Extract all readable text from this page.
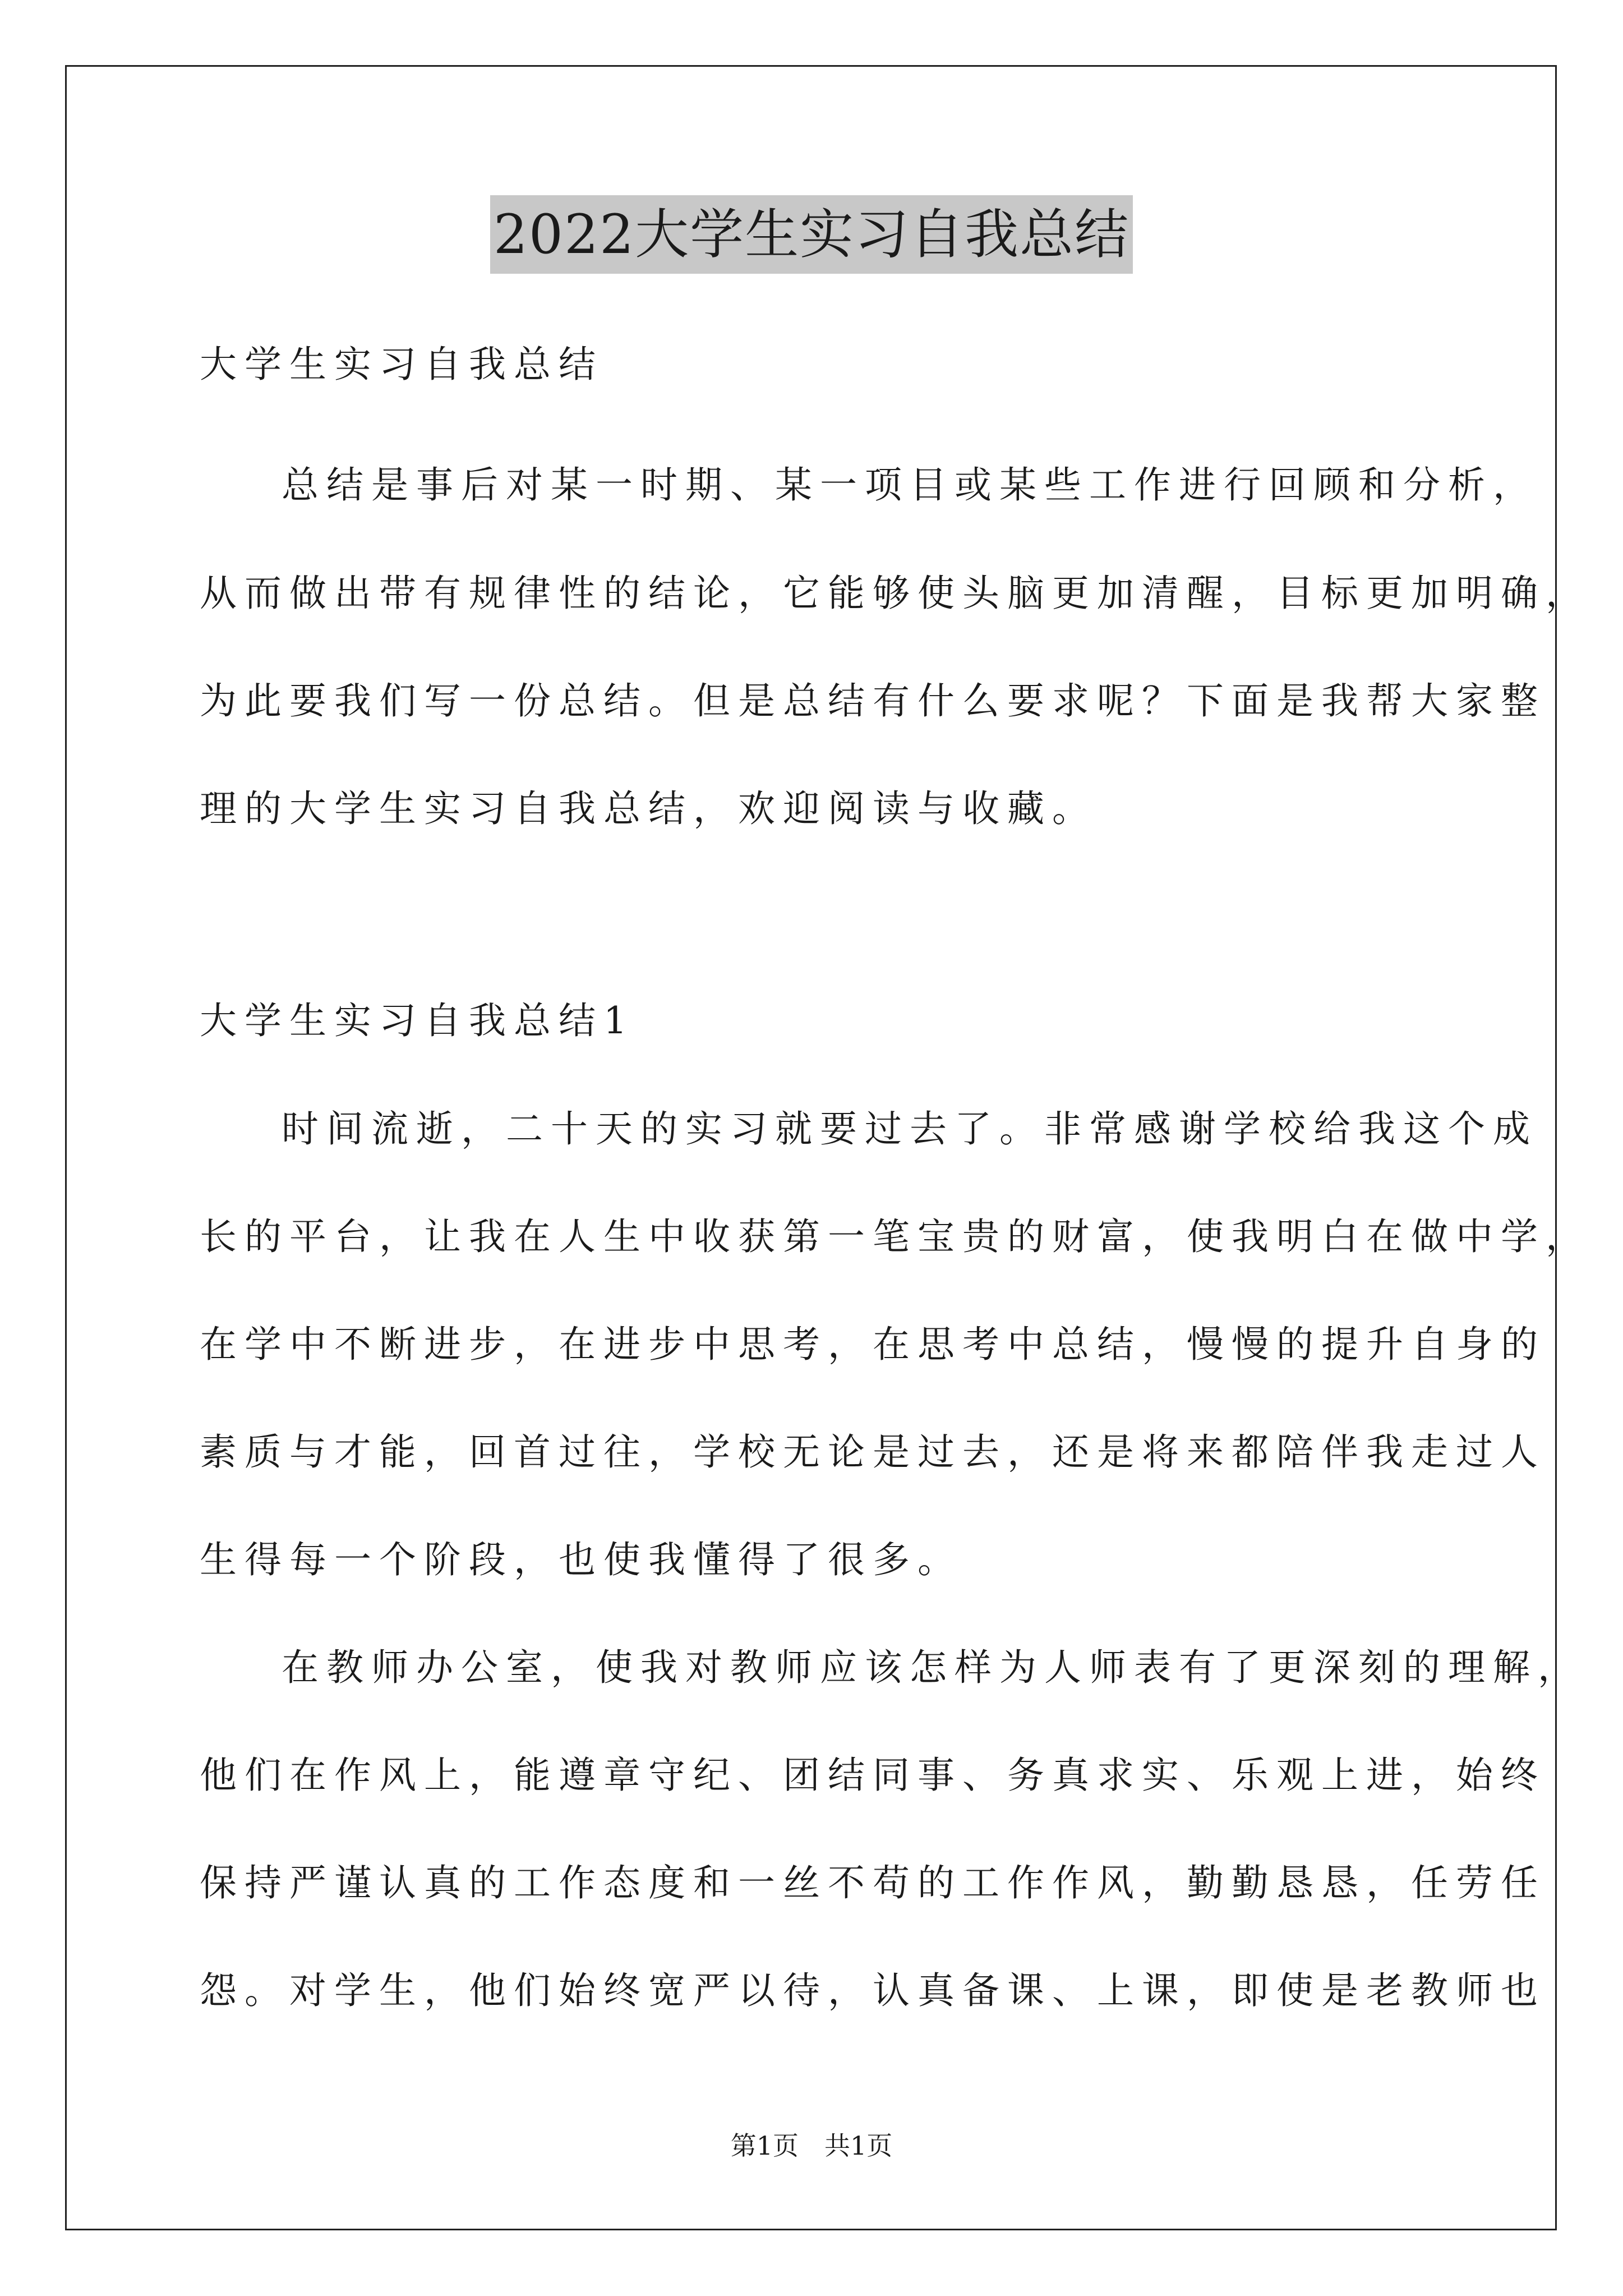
2022大学生实习自我总结
大学生实习自我总结
总结是事后对某一时期、某一项目或某些工作进行回顾和分析，
从而做出带有规律性的结论，它能够使头脑更加清醒，目标更加明确，
为此要我们写一份总结。但是总结有什么要求呢？下面是我帮大家整
理的大学生实习自我总结，欢迎阅读与收藏。
大学生实习自我总结1
时间流逝，二十天的实习就要过去了。非常感谢学校给我这个成
长的平台，让我在人生中收获第一笔宝贵的财富，使我明白在做中学，
在学中不断进步，在进步中思考，在思考中总结，慢慢的提升自身的
素质与才能，回首过往，学校无论是过去，还是将来都陪伴我走过人
生得每一个阶段，也使我懂得了很多。
在教师办公室，使我对教师应该怎样为人师表有了更深刻的理解，
他们在作风上，能遵章守纪、团结同事、务真求实、乐观上进，始终
保持严谨认真的工作态度和一丝不苟的工作作风，勤勤恳恳，任劳任
怨。对学生，他们始终宽严以待，认真备课、上课，即使是老教师也
第1页　共1页
